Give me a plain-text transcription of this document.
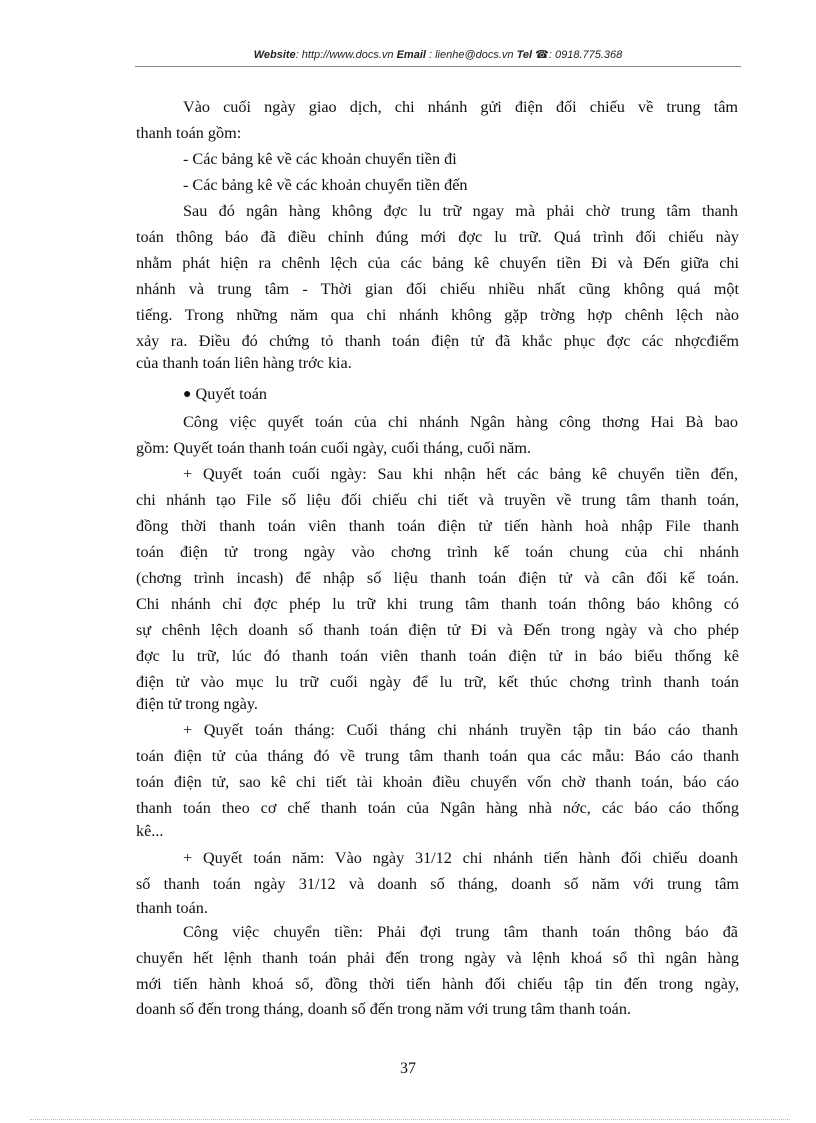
Website: http://www.docs.vn Email : lienhe@docs.vn Tel ☎: 0918.775.368
Vào cuối ngày giao dịch, chi nhánh gửi điện đối chiếu về trung tâm
thanh toán gồm:
- Các bảng kê về các khoản chuyển tiền đi
- Các bảng kê về các khoản chuyển tiền đến
Sau đó ngân hàng không đợc lu trữ ngay mà phải chờ trung tâm thanh
toán thông báo đã điều chỉnh đúng mới đợc lu trữ. Quá trình đối chiếu này
nhằm phát hiện ra chênh lệch của các bảng kê chuyển tiền Đi và Đến giữa chi
nhánh và trung tâm - Thời gian đối chiếu nhiều nhất cũng không quá một
tiếng. Trong những năm qua chi nhánh không gặp trờng hợp chênh lệch nào
xảy ra. Điều đó chứng tỏ thanh toán điện tử đã khắc phục đợc các nhợcđiểm
của thanh toán liên hàng trớc kia.
● Quyết toán
Công việc quyết toán của chi nhánh Ngân hàng công thơng Hai Bà bao
gồm: Quyết toán thanh toán cuối ngày, cuối tháng, cuối năm.
+ Quyết toán cuối ngày: Sau khi nhận hết các bảng kê chuyển tiền đến,
chi nhánh tạo File số liệu đối chiếu chi tiết và truyền về trung tâm thanh toán,
đồng thời thanh toán viên thanh toán điện tử tiến hành hoà nhập File thanh
toán điện tử trong ngày vào chơng trình kế toán chung của chi nhánh
(chơng trình incash) để nhập số liệu thanh toán điện tử và cân đối kế toán.
Chi nhánh chỉ đợc phép lu trữ khi trung tâm thanh toán thông báo không có
sự chênh lệch doanh số thanh toán điện tử Đi và Đến trong ngày và cho phép
đợc lu trữ, lúc đó thanh toán viên thanh toán điện tử in báo biểu thống kê
điện tử vào mục lu trữ cuối ngày để lu trữ, kết thúc chơng trình thanh toán
điện tử trong ngày.
+ Quyết toán tháng: Cuối tháng chi nhánh truyền tập tin báo cáo thanh
toán điện tử của tháng đó về trung tâm thanh toán qua các mẫu: Báo cáo thanh
toán điện tử, sao kê chi tiết tài khoản điều chuyển vốn chờ thanh toán, báo cáo
thanh toán theo cơ chế thanh toán của Ngân hàng nhà nớc, các báo cáo thống
kê...
+ Quyết toán năm: Vào ngày 31/12 chi nhánh tiến hành đối chiếu doanh
số thanh toán ngày 31/12 và doanh số tháng, doanh số năm với trung tâm
thanh toán.
Công việc chuyển tiền: Phải đợi trung tâm thanh toán thông báo đã
chuyển hết lệnh thanh toán phải đến trong ngày và lệnh khoá sổ thì ngân hàng
mới tiến hành khoá sổ, đồng thời tiến hành đối chiếu tập tin đến trong ngày,
doanh số đến trong tháng, doanh số đến trong năm với trung tâm thanh toán.
37
